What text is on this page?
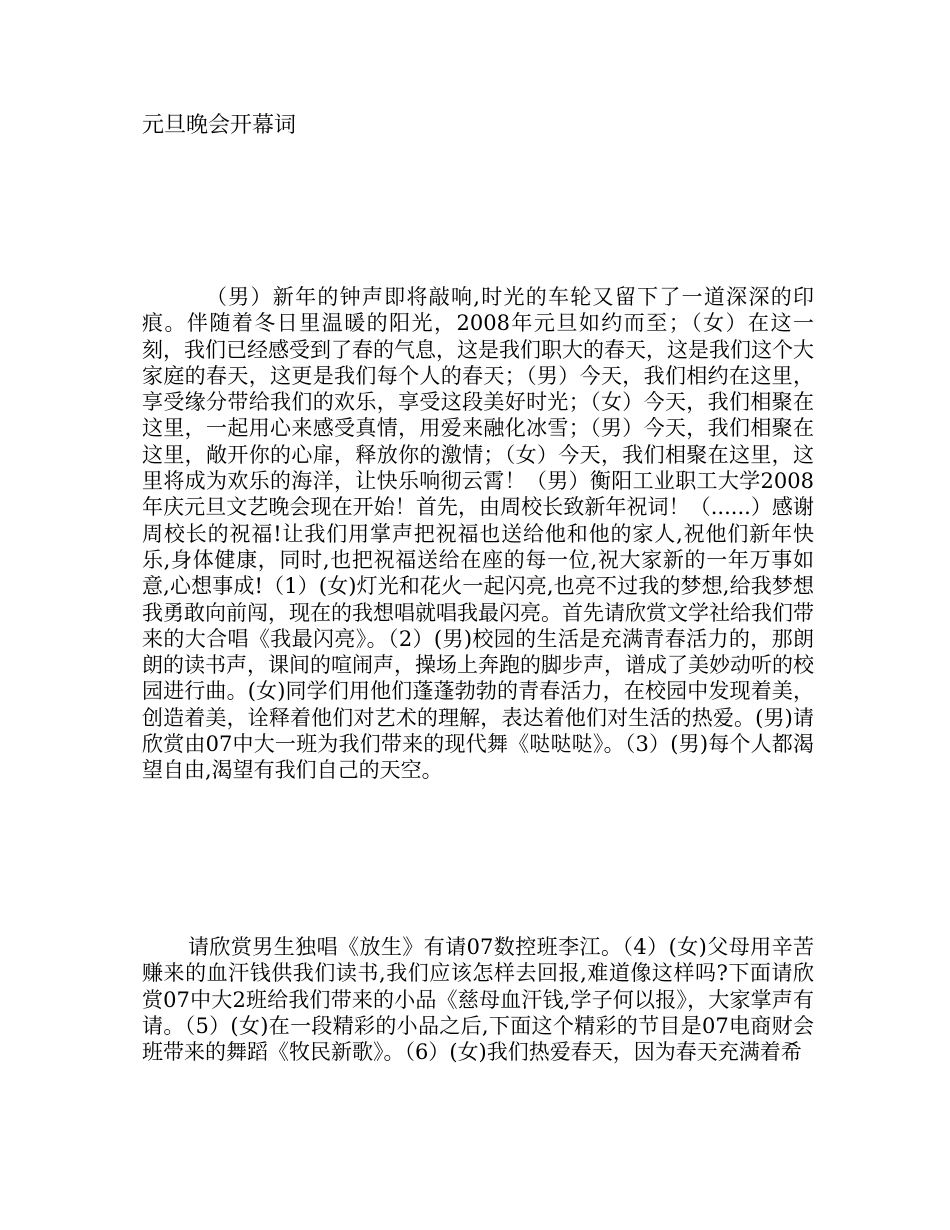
元旦晚会开幕词

（男）新年的钟声即将敲响,时光的车轮又留下了一道深深的印痕。伴随着冬日里温暖的阳光，2008年元旦如约而至；（女）在这一刻，我们已经感受到了春的气息，这是我们职大的春天，这是我们这个大家庭的春天，这更是我们每个人的春天；（男）今天，我们相约在这里，享受缘分带给我们的欢乐，享受这段美好时光；（女）今天，我们相聚在这里，一起用心来感受真情，用爱来融化冰雪；（男）今天，我们相聚在这里，敞开你的心扉，释放你的激情；（女）今天，我们相聚在这里，这里将成为欢乐的海洋，让快乐响彻云霄！（男）衡阳工业职工大学2008年庆元旦文艺晚会现在开始！首先，由周校长致新年祝词！（......）感谢周校长的祝福!让我们用掌声把祝福也送给他和他的家人,祝他们新年快乐,身体健康，同时,也把祝福送给在座的每一位,祝大家新的一年万事如意,心想事成!（1）(女)灯光和花火一起闪亮,也亮不过我的梦想,给我梦想我勇敢向前闯，现在的我想唱就唱我最闪亮。首先请欣赏文学社给我们带来的大合唱《我最闪亮》。（2）(男)校园的生活是充满青春活力的，那朗朗的读书声，课间的喧闹声，操场上奔跑的脚步声，谱成了美妙动听的校园进行曲。(女)同学们用他们蓬蓬勃勃的青春活力，在校园中发现着美，创造着美，诠释着他们对艺术的理解，表达着他们对生活的热爱。(男)请欣赏由07中大一班为我们带来的现代舞《哒哒哒》。（3）(男)每个人都渴望自由,渴望有我们自己的天空。

请欣赏男生独唱《放生》有请07数控班李江。（4）(女)父母用辛苦赚来的血汗钱供我们读书,我们应该怎样去回报,难道像这样吗?下面请欣赏07中大2班给我们带来的小品《慈母血汗钱,学子何以报》，大家掌声有请。（5）(女)在一段精彩的小品之后,下面这个精彩的节目是07电商财会班带来的舞蹈《牧民新歌》。（6）(女)我们热爱春天，因为春天充满着希
